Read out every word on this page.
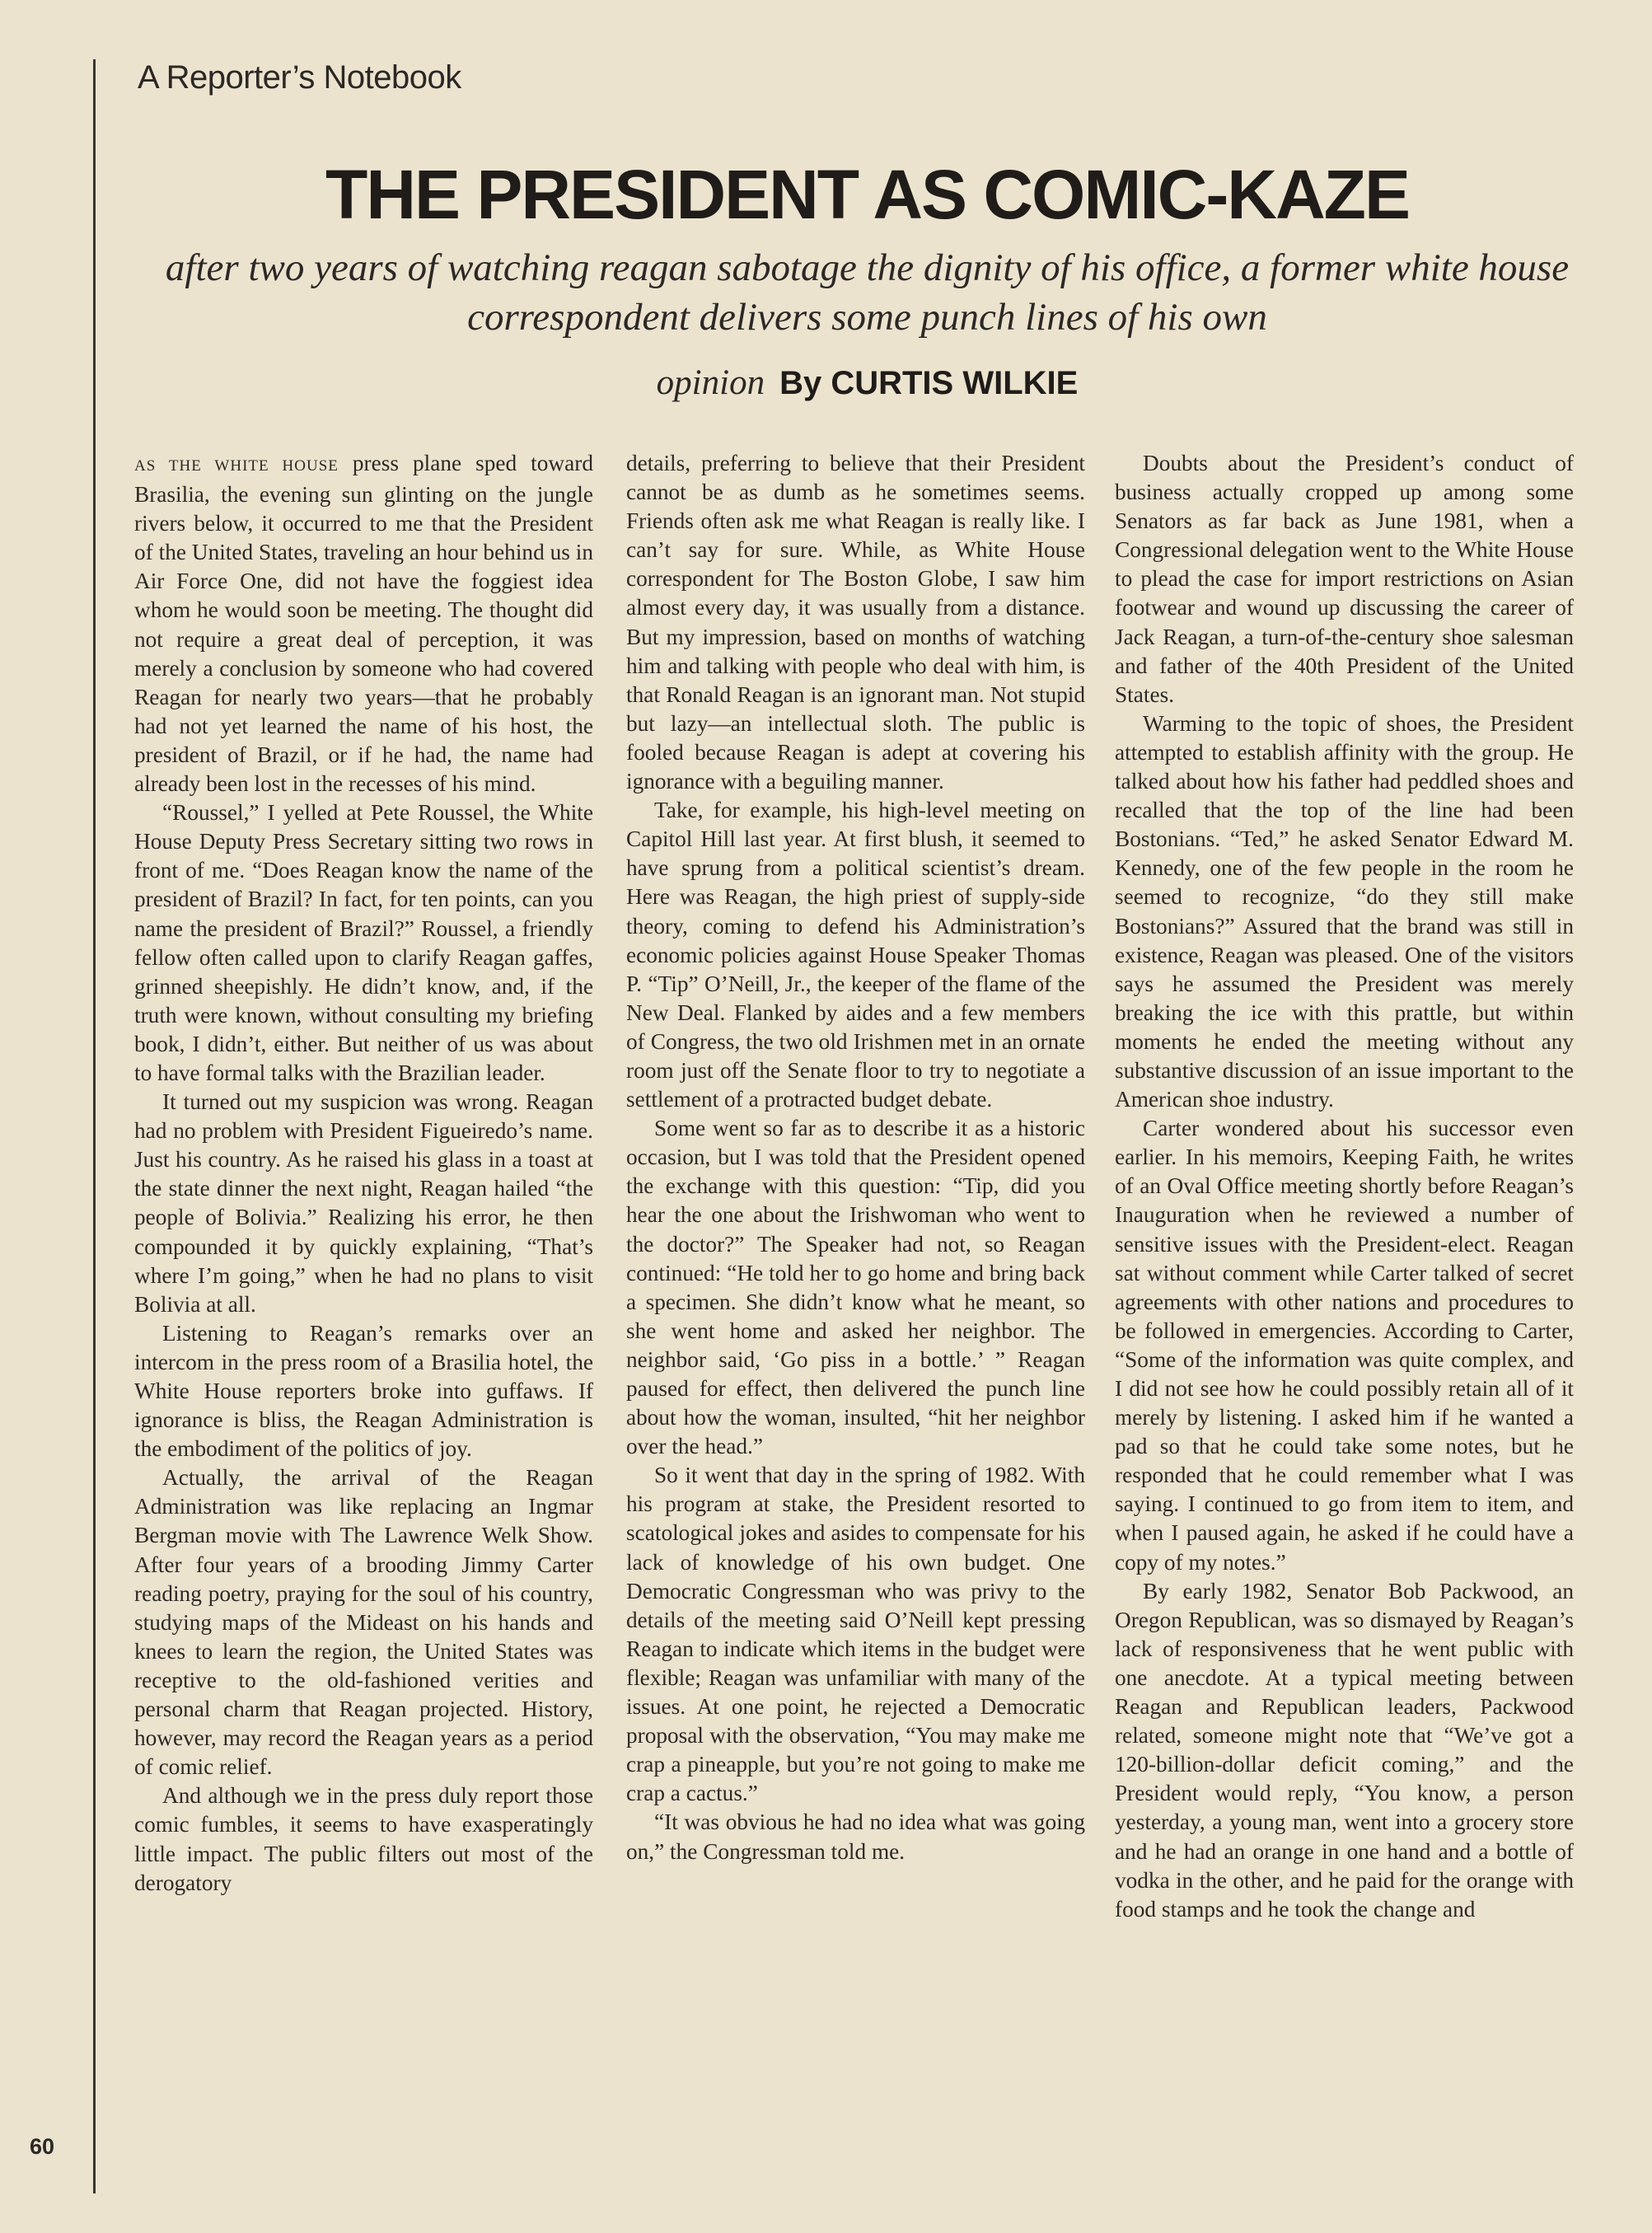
A Reporter’s Notebook
THE PRESIDENT AS COMIC-KAZE
after two years of watching reagan sabotage the dignity of his office, a former white house correspondent delivers some punch lines of his own
opinion By CURTIS WILKIE

AS THE WHITE HOUSE press plane sped toward Brasilia, the evening sun glinting on the jungle rivers below, it occurred to me that the President of the United States, traveling an hour behind us in Air Force One, did not have the foggiest idea whom he would soon be meeting. The thought did not require a great deal of perception, it was merely a conclusion by someone who had covered Reagan for nearly two years—that he probably had not yet learned the name of his host, the president of Brazil, or if he had, the name had already been lost in the recesses of his mind.

“Roussel,” I yelled at Pete Roussel, the White House Deputy Press Secretary sitting two rows in front of me. “Does Reagan know the name of the president of Brazil? In fact, for ten points, can you name the president of Brazil?” Roussel, a friendly fellow often called upon to clarify Reagan gaffes, grinned sheepishly. He didn’t know, and, if the truth were known, without consulting my briefing book, I didn’t, either. But neither of us was about to have formal talks with the Brazilian leader.

It turned out my suspicion was wrong. Reagan had no problem with President Figueiredo’s name. Just his country. As he raised his glass in a toast at the state dinner the next night, Reagan hailed “the people of Bolivia.” Realizing his error, he then compounded it by quickly explaining, “That’s where I’m going,” when he had no plans to visit Bolivia at all.

Listening to Reagan’s remarks over an intercom in the press room of a Brasilia hotel, the White House reporters broke into guffaws. If ignorance is bliss, the Reagan Administration is the embodiment of the politics of joy.

Actually, the arrival of the Reagan Administration was like replacing an Ingmar Bergman movie with The Lawrence Welk Show. After four years of a brooding Jimmy Carter reading poetry, praying for the soul of his country, studying maps of the Mideast on his hands and knees to learn the region, the United States was receptive to the old-fashioned verities and personal charm that Reagan projected. History, however, may record the Reagan years as a period of comic relief.

And although we in the press duly report those comic fumbles, it seems to have exasperatingly little impact. The public filters out most of the derogatory

details, preferring to believe that their President cannot be as dumb as he sometimes seems. Friends often ask me what Reagan is really like. I can’t say for sure. While, as White House correspondent for The Boston Globe, I saw him almost every day, it was usually from a distance. But my impression, based on months of watching him and talking with people who deal with him, is that Ronald Reagan is an ignorant man. Not stupid but lazy—an intellectual sloth. The public is fooled because Reagan is adept at covering his ignorance with a beguiling manner.

Take, for example, his high-level meeting on Capitol Hill last year. At first blush, it seemed to have sprung from a political scientist’s dream. Here was Reagan, the high priest of supply-side theory, coming to defend his Administration’s economic policies against House Speaker Thomas P. “Tip” O’Neill, Jr., the keeper of the flame of the New Deal. Flanked by aides and a few members of Congress, the two old Irishmen met in an ornate room just off the Senate floor to try to negotiate a settlement of a protracted budget debate.

Some went so far as to describe it as a historic occasion, but I was told that the President opened the exchange with this question: “Tip, did you hear the one about the Irishwoman who went to the doctor?” The Speaker had not, so Reagan continued: “He told her to go home and bring back a specimen. She didn’t know what he meant, so she went home and asked her neighbor. The neighbor said, ‘Go piss in a bottle.’ ” Reagan paused for effect, then delivered the punch line about how the woman, insulted, “hit her neighbor over the head.”

So it went that day in the spring of 1982. With his program at stake, the President resorted to scatological jokes and asides to compensate for his lack of knowledge of his own budget. One Democratic Congressman who was privy to the details of the meeting said O’Neill kept pressing Reagan to indicate which items in the budget were flexible; Reagan was unfamiliar with many of the issues. At one point, he rejected a Democratic proposal with the observation, “You may make me crap a pineapple, but you’re not going to make me crap a cactus.”

“It was obvious he had no idea what was going on,” the Congressman told me.

Doubts about the President’s conduct of business actually cropped up among some Senators as far back as June 1981, when a Congressional delegation went to the White House to plead the case for import restrictions on Asian footwear and wound up discussing the career of Jack Reagan, a turn-of-the-century shoe salesman and father of the 40th President of the United States.

Warming to the topic of shoes, the President attempted to establish affinity with the group. He talked about how his father had peddled shoes and recalled that the top of the line had been Bostonians. “Ted,” he asked Senator Edward M. Kennedy, one of the few people in the room he seemed to recognize, “do they still make Bostonians?” Assured that the brand was still in existence, Reagan was pleased. One of the visitors says he assumed the President was merely breaking the ice with this prattle, but within moments he ended the meeting without any substantive discussion of an issue important to the American shoe industry.

Carter wondered about his successor even earlier. In his memoirs, Keeping Faith, he writes of an Oval Office meeting shortly before Reagan’s Inauguration when he reviewed a number of sensitive issues with the President-elect. Reagan sat without comment while Carter talked of secret agreements with other nations and procedures to be followed in emergencies. According to Carter, “Some of the information was quite complex, and I did not see how he could possibly retain all of it merely by listening. I asked him if he wanted a pad so that he could take some notes, but he responded that he could remember what I was saying. I continued to go from item to item, and when I paused again, he asked if he could have a copy of my notes.”

By early 1982, Senator Bob Packwood, an Oregon Republican, was so dismayed by Reagan’s lack of responsiveness that he went public with one anecdote. At a typical meeting between Reagan and Republican leaders, Packwood related, someone might note that “We’ve got a 120-billion-dollar deficit coming,” and the President would reply, “You know, a person yesterday, a young man, went into a grocery store and he had an orange in one hand and a bottle of vodka in the other, and he paid for the orange with food stamps and he took the change and

60
